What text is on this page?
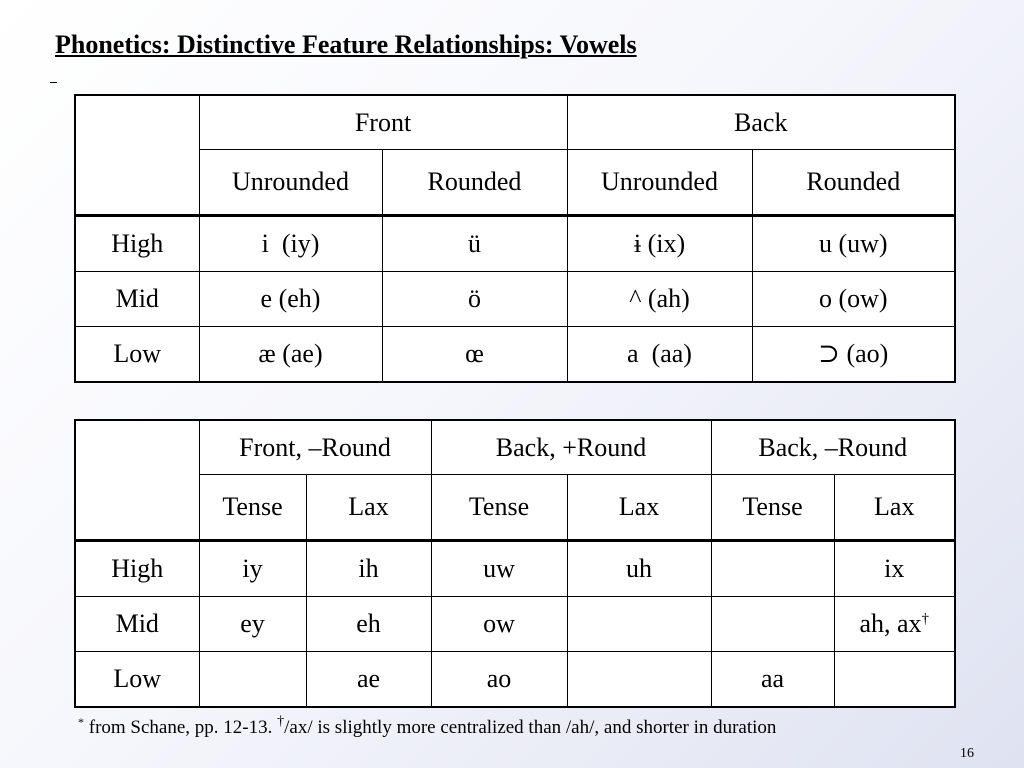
Phonetics: Distinctive Feature Relationships: Vowels
	Front		Back	
	Unrounded	Rounded	Unrounded	Rounded
High	i  (iy)	ü	ɨ (ix)	u (uw)
Mid	e (eh)	ö	^ (ah)	o (ow)
Low	æ (ae)	œ	a  (aa)	⊃ (ao)
	Front, –Round		Back, +Round		Back, –Round	
	Tense	Lax	Tense	Lax	Tense	Lax
High	iy	ih	uw	uh		ix
Mid	ey	eh	ow			ah, ax†
Low		ae	ao		aa	
* from Schane, pp. 12-13. †/ax/ is slightly more centralized than /ah/, and shorter in duration
16
